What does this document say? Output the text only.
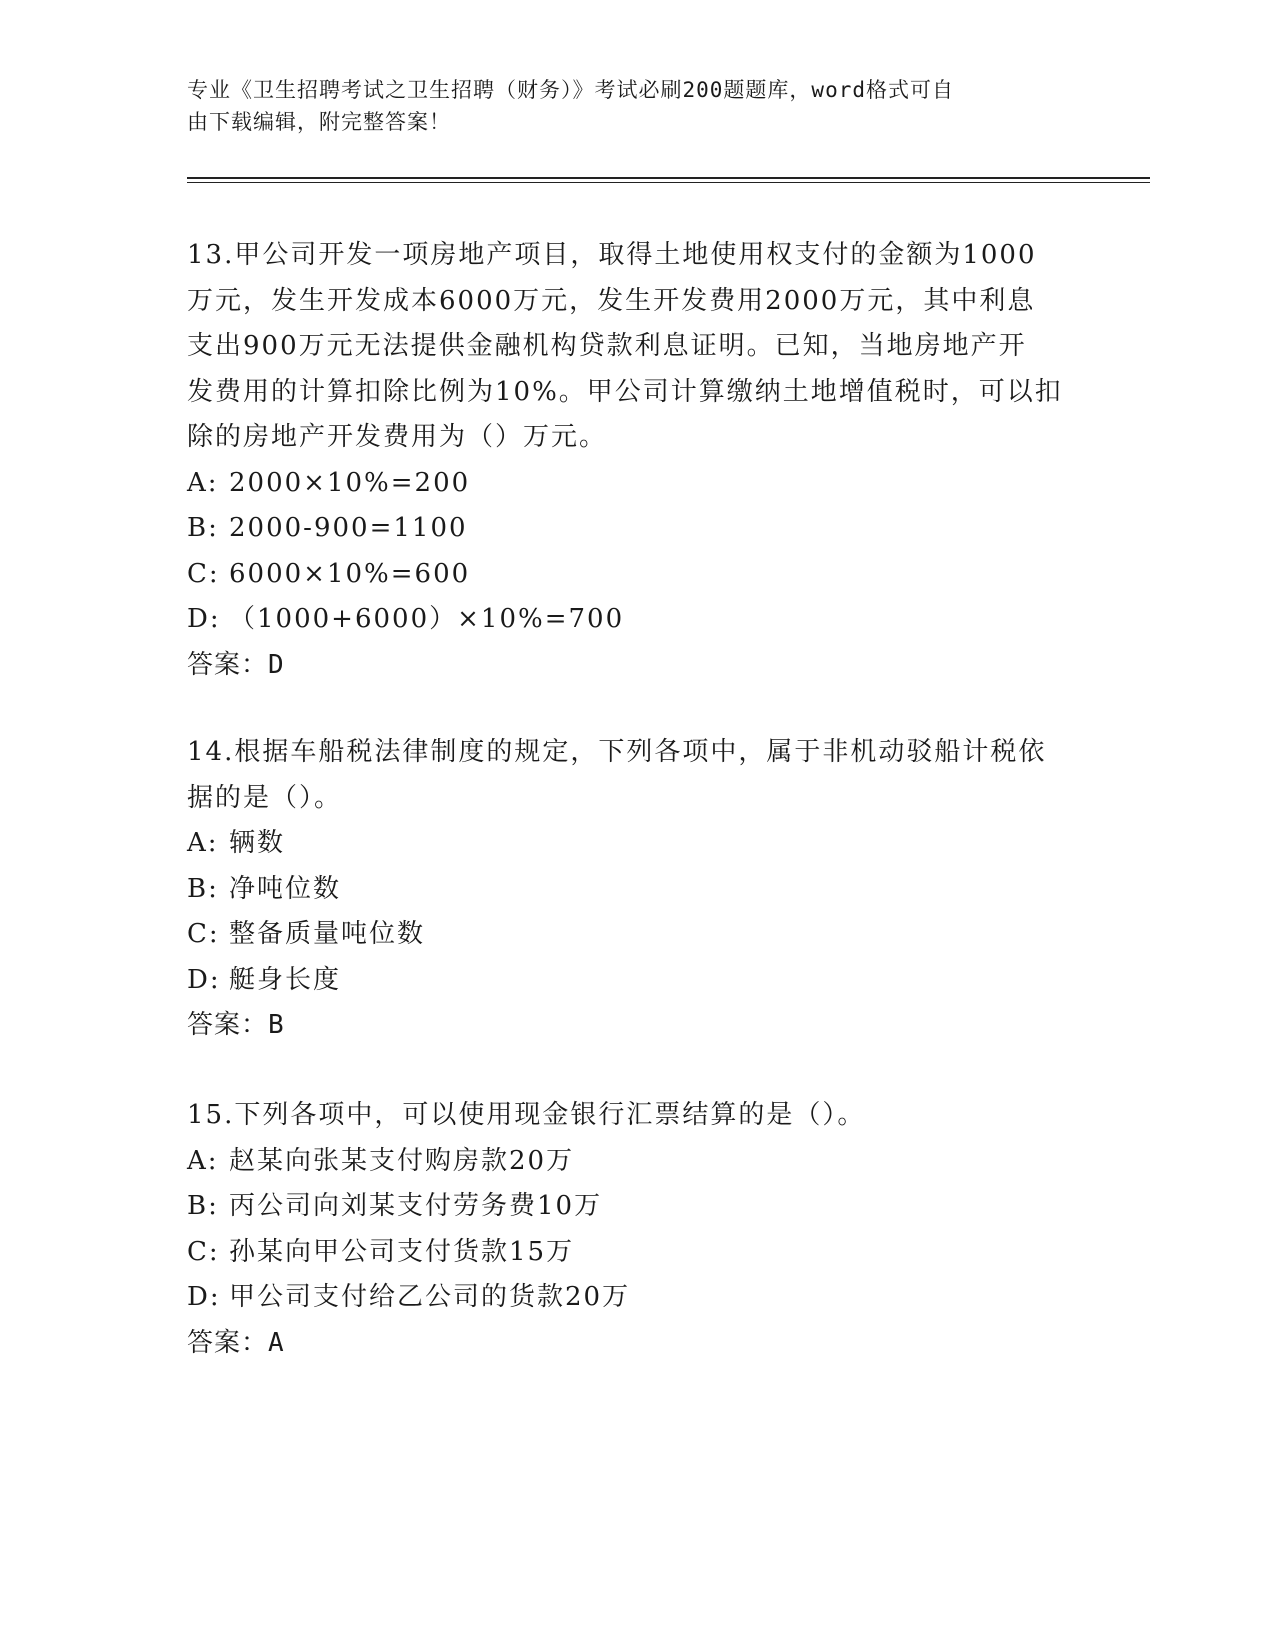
专业《卫生招聘考试之卫生招聘（财务）》考试必刷200题题库，word格式可自
由下载编辑，附完整答案！

13.甲公司开发一项房地产项目，取得土地使用权支付的金额为1000

万元，发生开发成本6000万元，发生开发费用2000万元，其中利息

支出900万元无法提供金融机构贷款利息证明。已知，当地房地产开

发费用的计算扣除比例为10%。甲公司计算缴纳土地增值税时，可以扣

除的房地产开发费用为（）万元。

A: 2000×10%=200

B: 2000-900=1100

C: 6000×10%=600

D: （1000+6000）×10%=700

答案：D

14.根据车船税法律制度的规定，下列各项中，属于非机动驳船计税依

据的是（）。

A: 辆数

B: 净吨位数

C: 整备质量吨位数

D: 艇身长度

答案：B

15.下列各项中，可以使用现金银行汇票结算的是（）。

A: 赵某向张某支付购房款20万

B: 丙公司向刘某支付劳务费10万

C: 孙某向甲公司支付货款15万

D: 甲公司支付给乙公司的货款20万

答案：A
